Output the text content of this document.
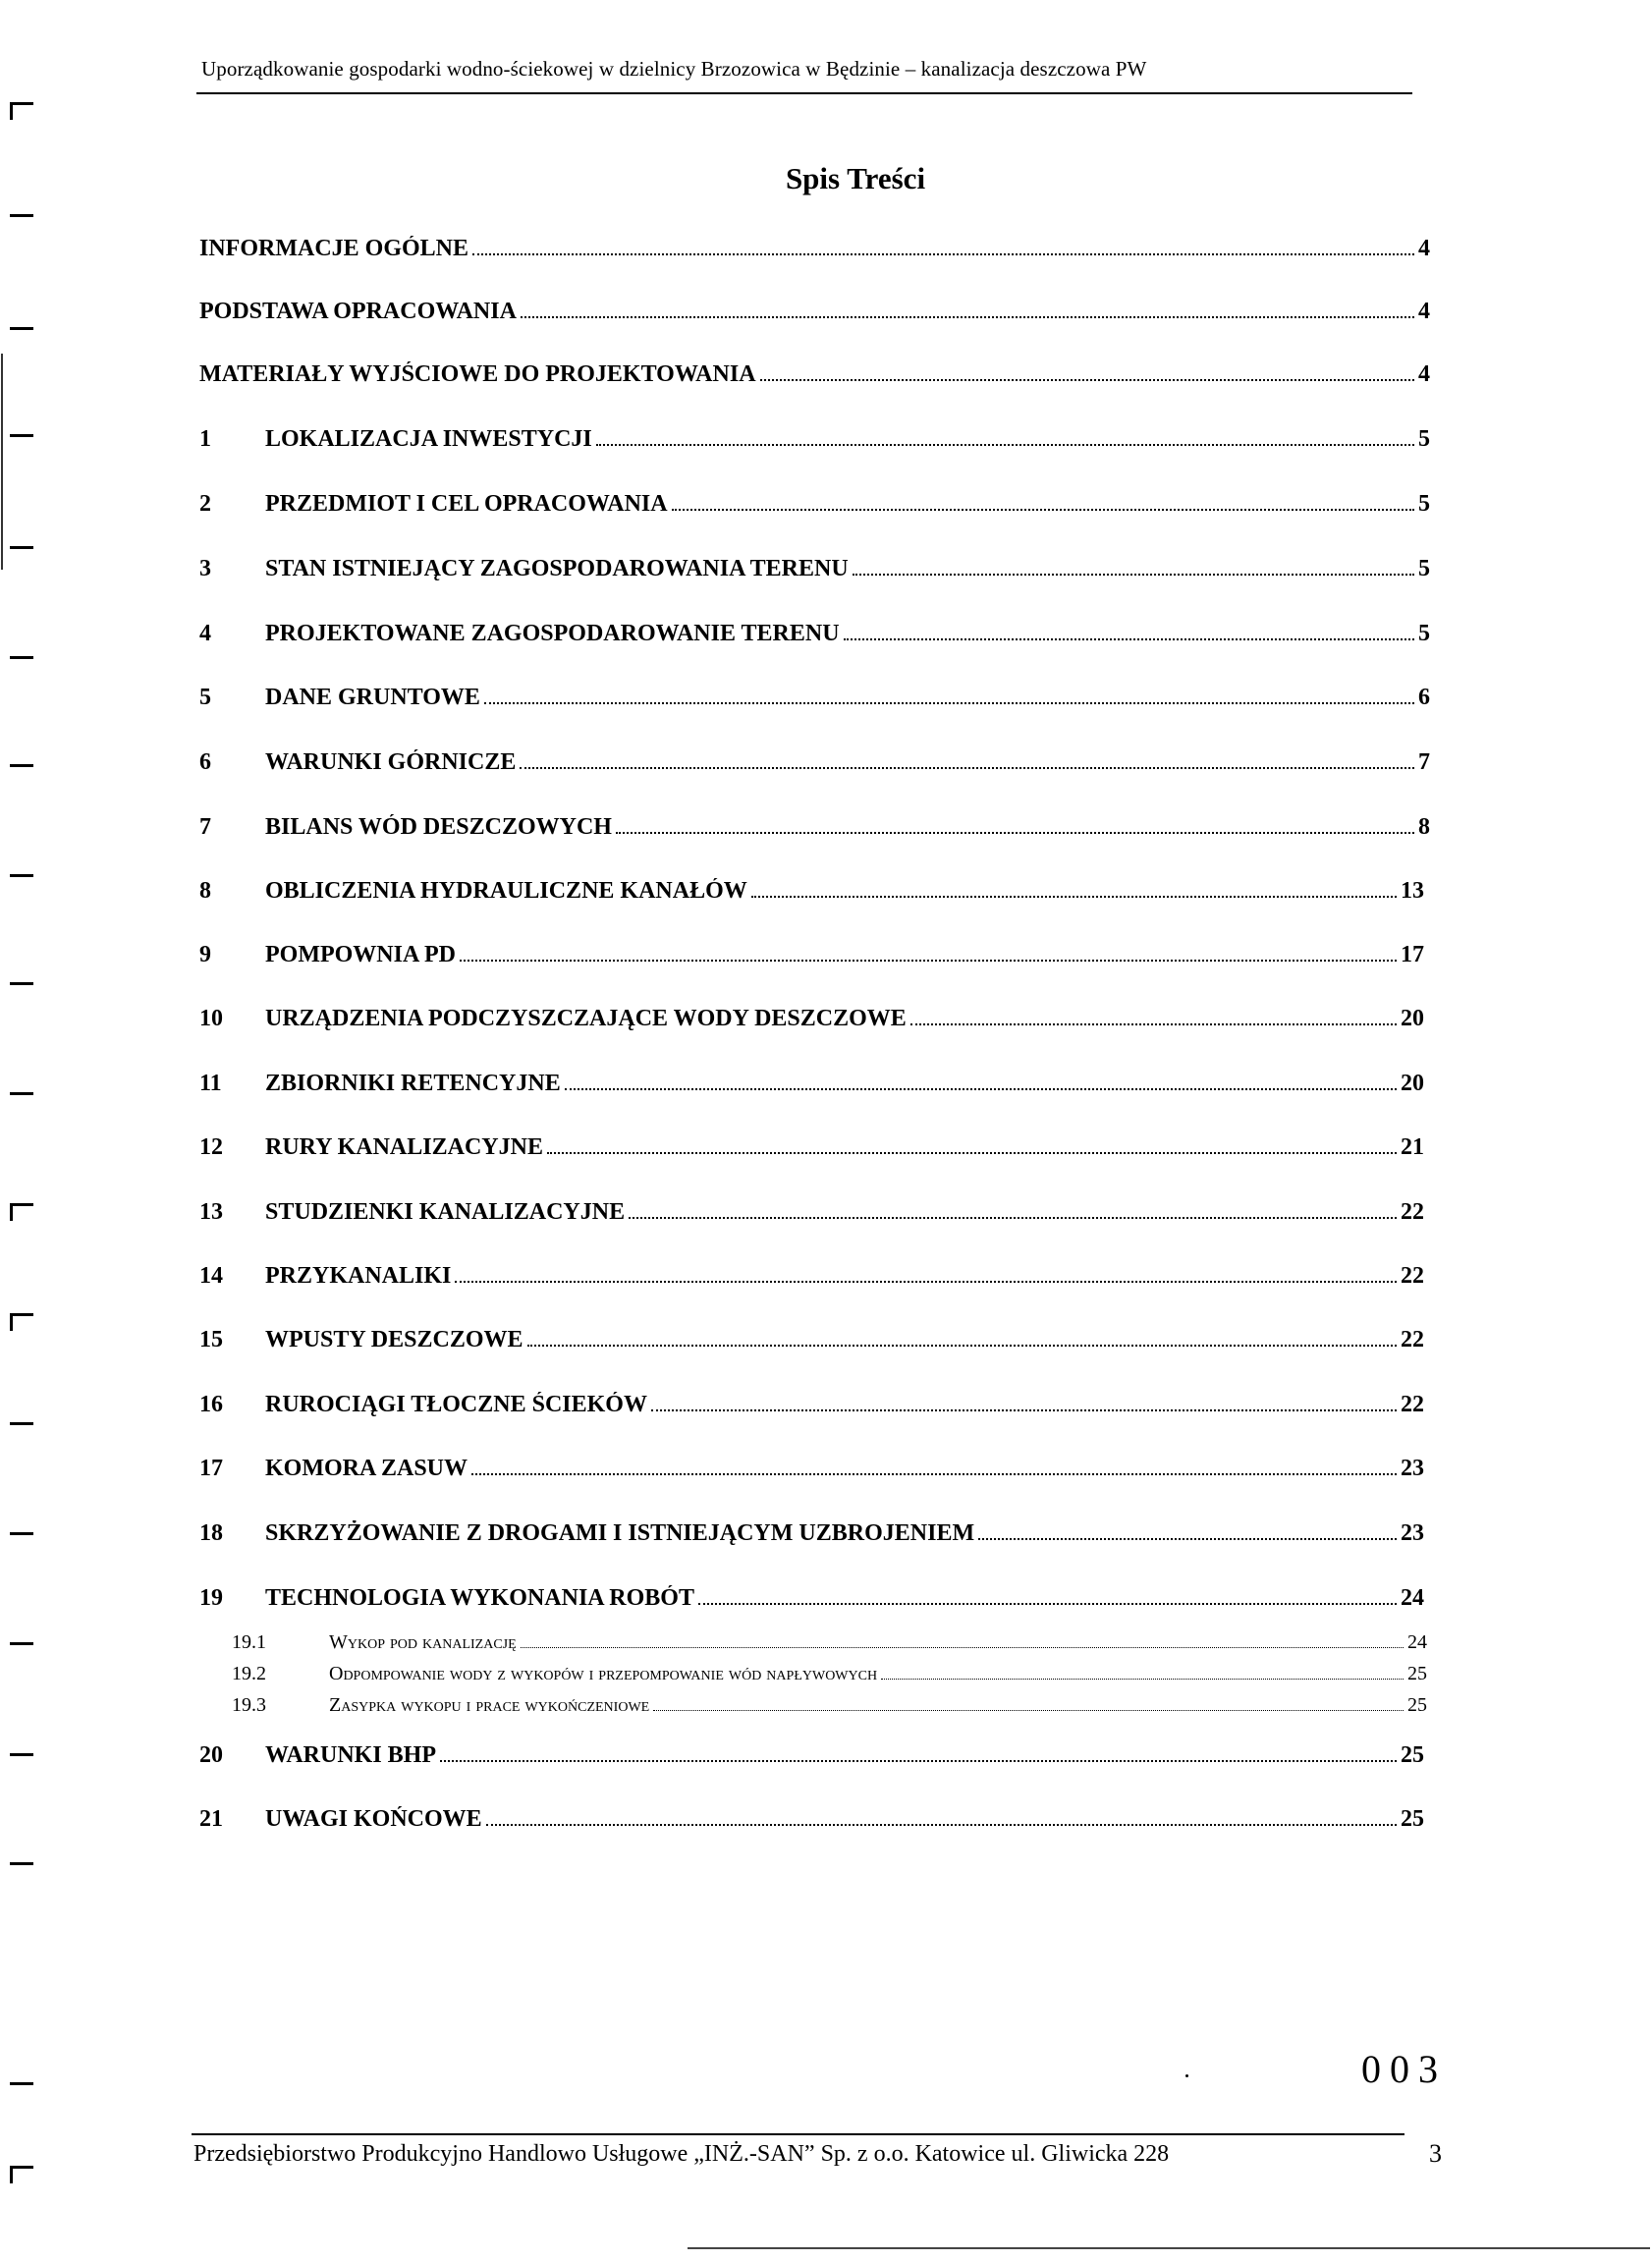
Uporządkowanie gospodarki wodno-ściekowej w dzielnicy Brzozowica w Będzinie – kanalizacja deszczowa PW
Spis Treści
INFORMACJE OGÓLNE	4
PODSTAWA OPRACOWANIA	4
MATERIAŁY WYJŚCIOWE DO PROJEKTOWANIA	4
1	LOKALIZACJA INWESTYCJI	5
2	PRZEDMIOT I CEL OPRACOWANIA	5
3	STAN ISTNIEJĄCY ZAGOSPODAROWANIA TERENU	5
4	PROJEKTOWANE ZAGOSPODAROWANIE TERENU	5
5	DANE GRUNTOWE	6
6	WARUNKI GÓRNICZE	7
7	BILANS WÓD DESZCZOWYCH	8
8	OBLICZENIA HYDRAULICZNE KANAŁÓW	13
9	POMPOWNIA PD	17
10	URZĄDZENIA PODCZYSZCZAJĄCE WODY DESZCZOWE	20
11	ZBIORNIKI RETENCYJNE	20
12	RURY KANALIZACYJNE	21
13	STUDZIENKI KANALIZACYJNE	22
14	PRZYKANALIKI	22
15	WPUSTY DESZCZOWE	22
16	RUROCIĄGI TŁOCZNE ŚCIEKÓW	22
17	KOMORA ZASUW	23
18	SKRZYŻOWANIE Z DROGAMI I ISTNIEJĄCYM UZBROJENIEM	23
19	TECHNOLOGIA WYKONANIA ROBÓT	24
19.1	Wykop pod kanalizację	24
19.2	Odpompowanie wody z wykopów i przepompowanie wód napływowych	25
19.3	Zasypka wykopu i prace wykończeniowe	25
20	WARUNKI BHP	25
21	UWAGI KOŃCOWE	25
003
Przedsiębiorstwo Produkcyjno Handlowo Usługowe „INŻ.-SAN” Sp. z o.o. Katowice ul. Gliwicka 228	3
